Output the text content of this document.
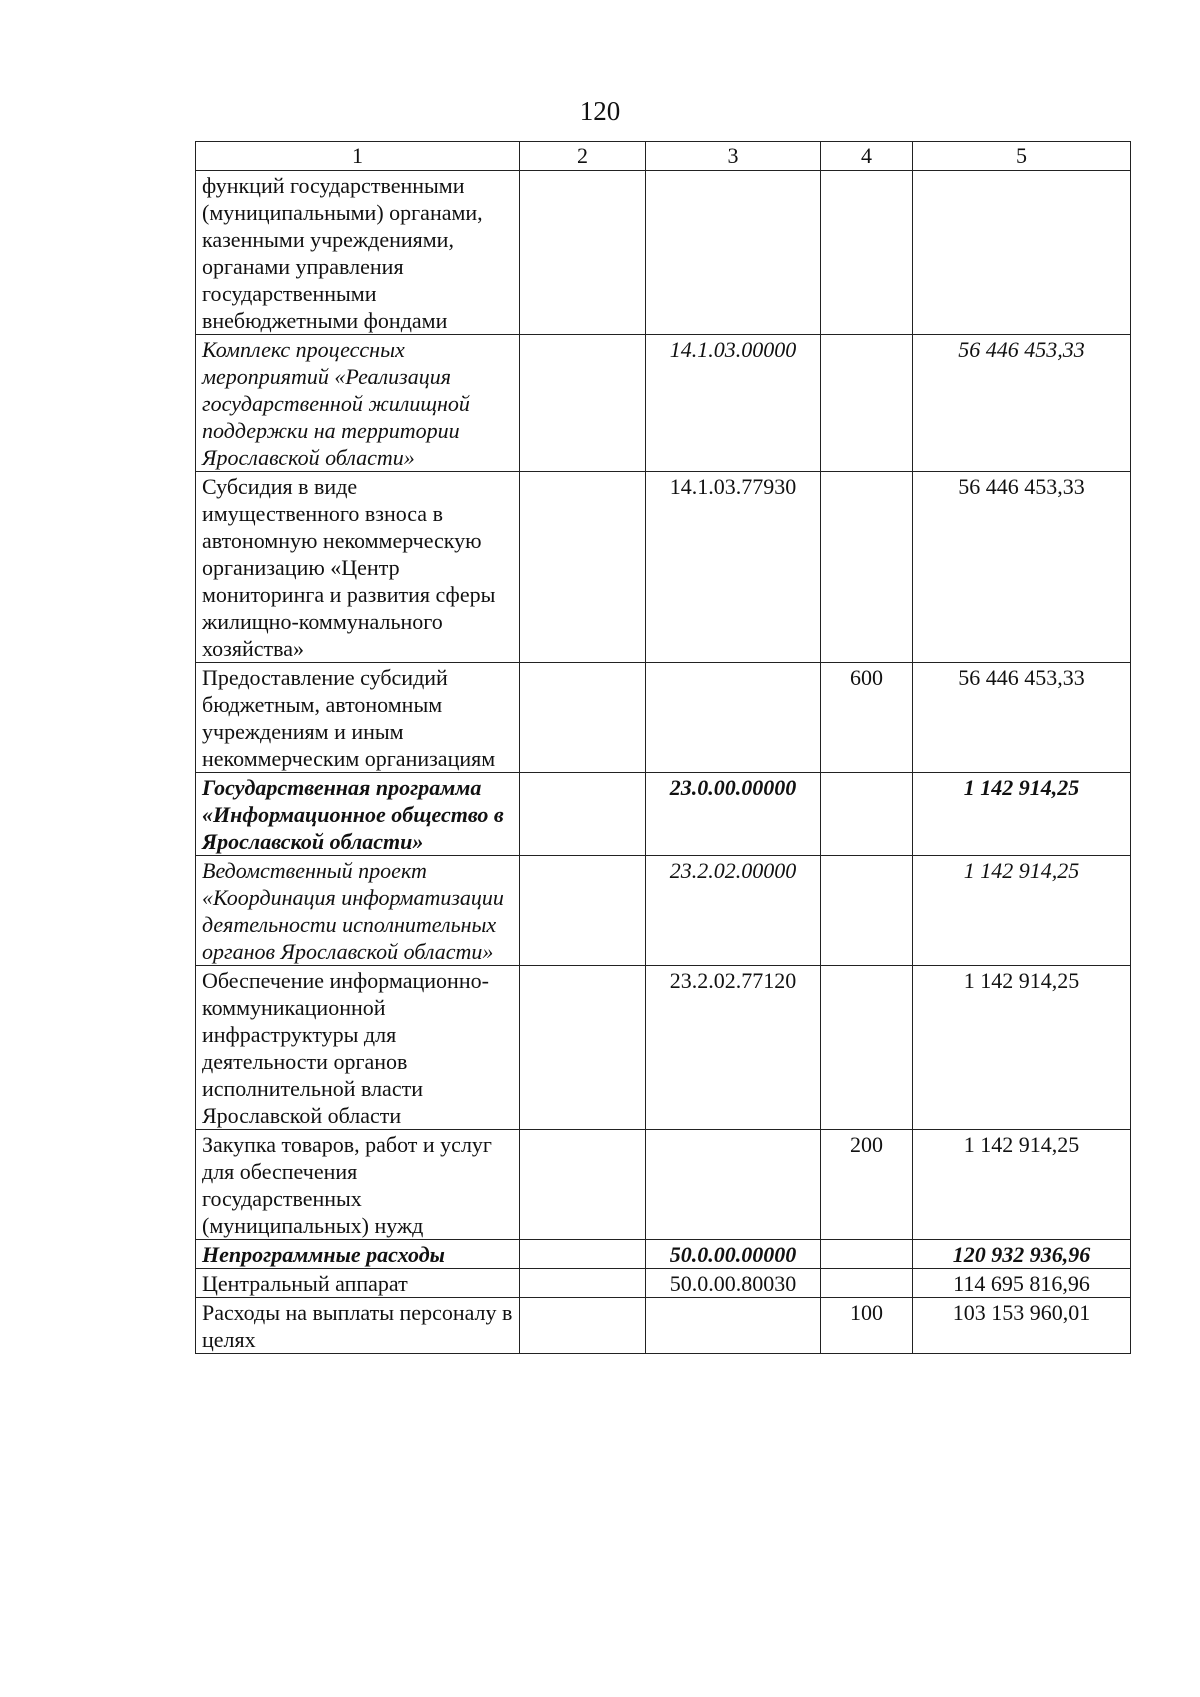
120
1	2	3	4	5
функций государственными (муниципальными) органами, казенными учреждениями, органами управления государственными внебюджетными фондами				
Комплекс процессных мероприятий «Реализация государственной жилищной поддержки на территории Ярославской области»		14.1.03.00000		56 446 453,33
Субсидия в виде имущественного взноса в автономную некоммерческую организацию «Центр мониторинга и развития сферы жилищно-коммунального хозяйства»		14.1.03.77930		56 446 453,33
Предоставление субсидий бюджетным, автономным учреждениям и иным некоммерческим организациям			600	56 446 453,33
Государственная программа «Информационное общество в Ярославской области»		23.0.00.00000		1 142 914,25
Ведомственный проект «Координация информатизации деятельности исполнительных органов Ярославской области»		23.2.02.00000		1 142 914,25
Обеспечение информационно-коммуникационной инфраструктуры для деятельности органов исполнительной власти Ярославской области		23.2.02.77120		1 142 914,25
Закупка товаров, работ и услуг для обеспечения государственных (муниципальных) нужд			200	1 142 914,25
Непрограммные расходы		50.0.00.00000		120 932 936,96
Центральный аппарат		50.0.00.80030		114 695 816,96
Расходы на выплаты персоналу в целях			100	103 153 960,01
